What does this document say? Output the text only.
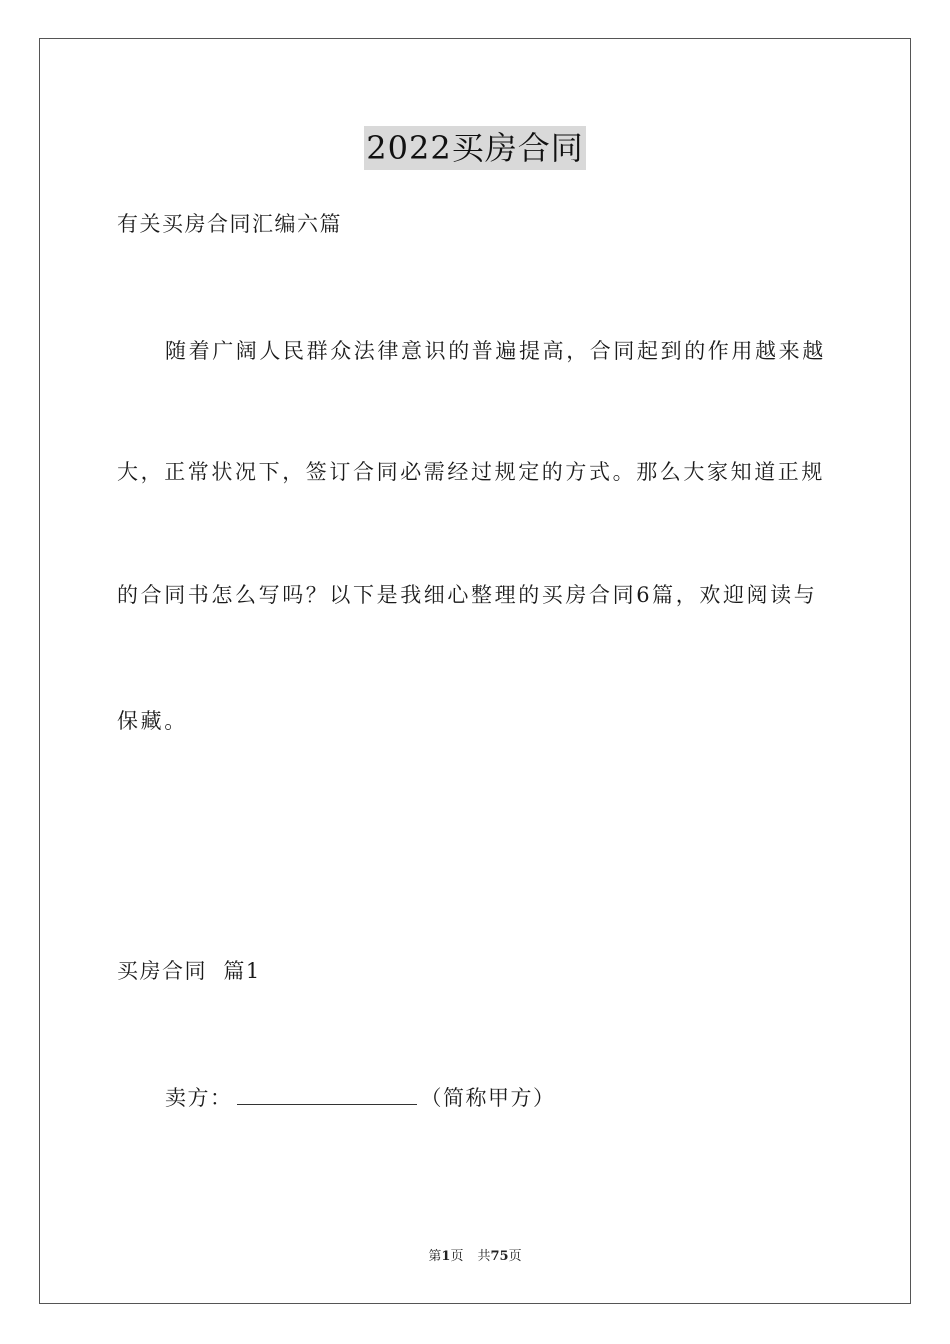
2022买房合同
有关买房合同汇编六篇
随着广阔人民群众法律意识的普遍提高，合同起到的作用越来越
大，正常状况下，签订合同必需经过规定的方式。那么大家知道正规
的合同书怎么写吗？以下是我细心整理的买房合同6篇，欢迎阅读与
保藏。
买房合同  篇1
卖方：	（简称甲方）
第1页 共75页
